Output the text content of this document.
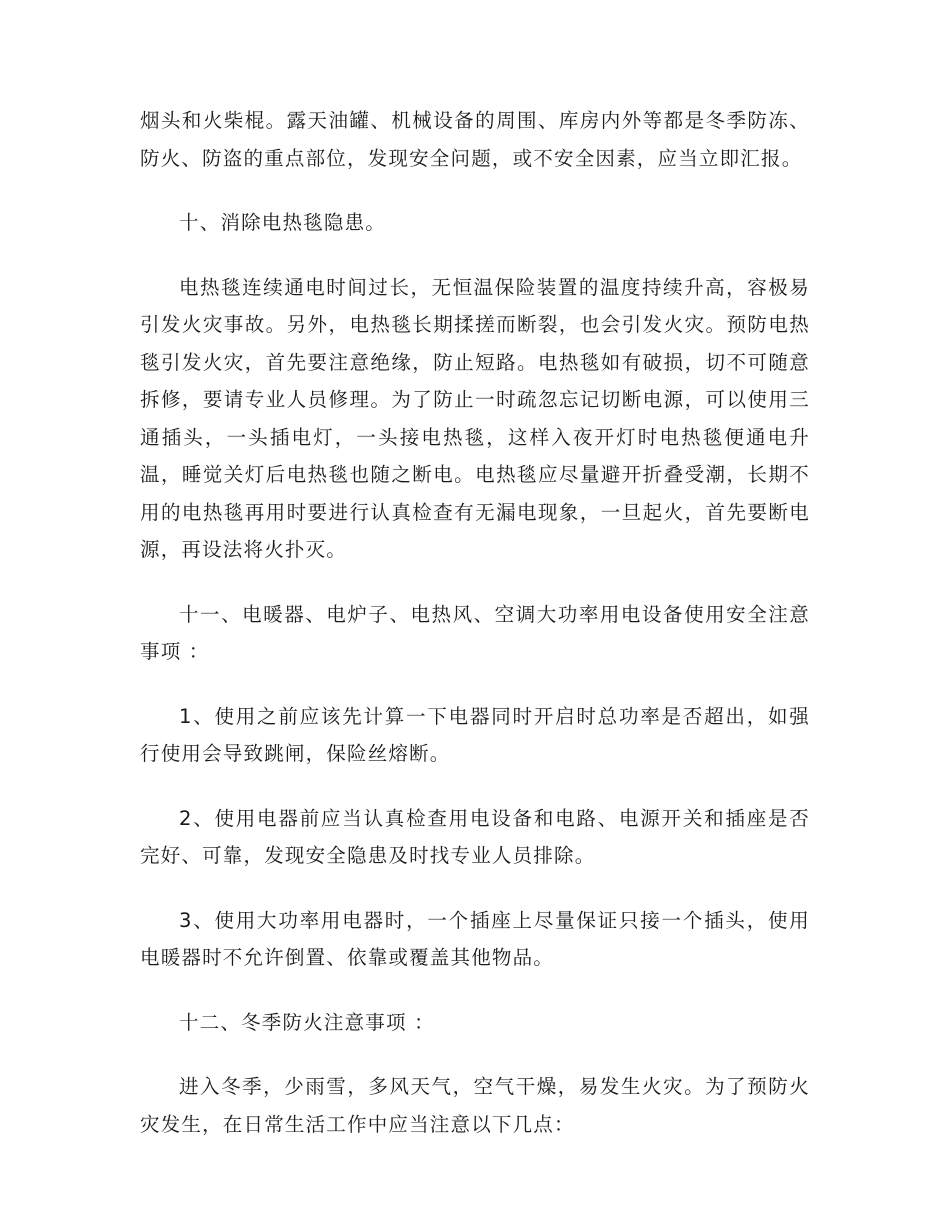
烟头和火柴棍。露天油罐、机械设备的周围、库房内外等都是冬季防冻、防火、防盗的重点部位，发现安全问题，或不安全因素，应当立即汇报。

十、消除电热毯隐患。

电热毯连续通电时间过长，无恒温保险装置的温度持续升高，容极易引发火灾事故。另外，电热毯长期揉搓而断裂，也会引发火灾。预防电热毯引发火灾，首先要注意绝缘，防止短路。电热毯如有破损，切不可随意拆修，要请专业人员修理。为了防止一时疏忽忘记切断电源，可以使用三通插头，一头插电灯，一头接电热毯，这样入夜开灯时电热毯便通电升温，睡觉关灯后电热毯也随之断电。电热毯应尽量避开折叠受潮，长期不用的电热毯再用时要进行认真检查有无漏电现象，一旦起火，首先要断电源，再设法将火扑灭。

十一、电暖器、电炉子、电热风、空调大功率用电设备使用安全注意事项 ：

1、使用之前应该先计算一下电器同时开启时总功率是否超出，如强行使用会导致跳闸，保险丝熔断。

2、使用电器前应当认真检查用电设备和电路、电源开关和插座是否完好、可靠，发现安全隐患及时找专业人员排除。

3、使用大功率用电器时，一个插座上尽量保证只接一个插头，使用电暖器时不允许倒置、依靠或覆盖其他物品。

十二、冬季防火注意事项 ：

进入冬季，少雨雪，多风天气，空气干燥，易发生火灾。为了预防火灾发生，在日常生活工作中应当注意以下几点：
